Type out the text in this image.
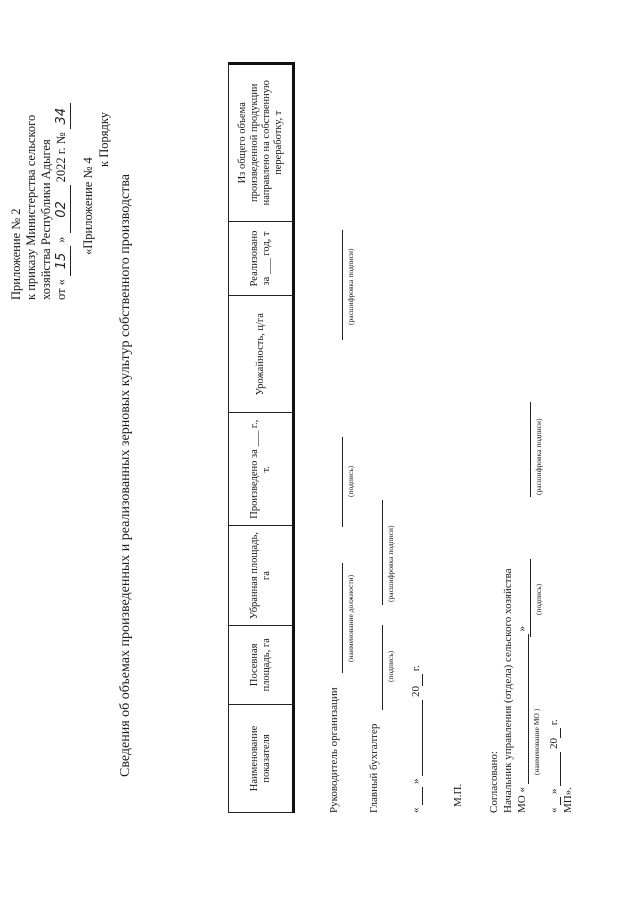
Приложение № 2 к приказу Министерства сельского хозяйства Республики Адыгея от « 15 » 02 2022 г. № 34
«Приложение № 4
к Порядку
Сведения об объемах произведенных и реализованных зерновых культур собственного производства	Наименование показателя	Посевная площадь, га	Убранная площадь, га	Произведено за ___ г., т.	Урожайность, ц/га	Реализовано за ___ год, т	Из общего объема произведенной продукции направлено на собственную переработку, т
Руководитель организации
(наименование должности)
(подпись)
(расшифровка подписи)
Главный бухгалтер
(подпись)
(расшифровка подписи)
«   »   20  г.
М.П. Согласовано: Начальник управления (отдела) сельского хозяйства МО «   »
(наименование МО )
(подпись)
(расшифровка подписи)
«   »   20  г.
МП».
